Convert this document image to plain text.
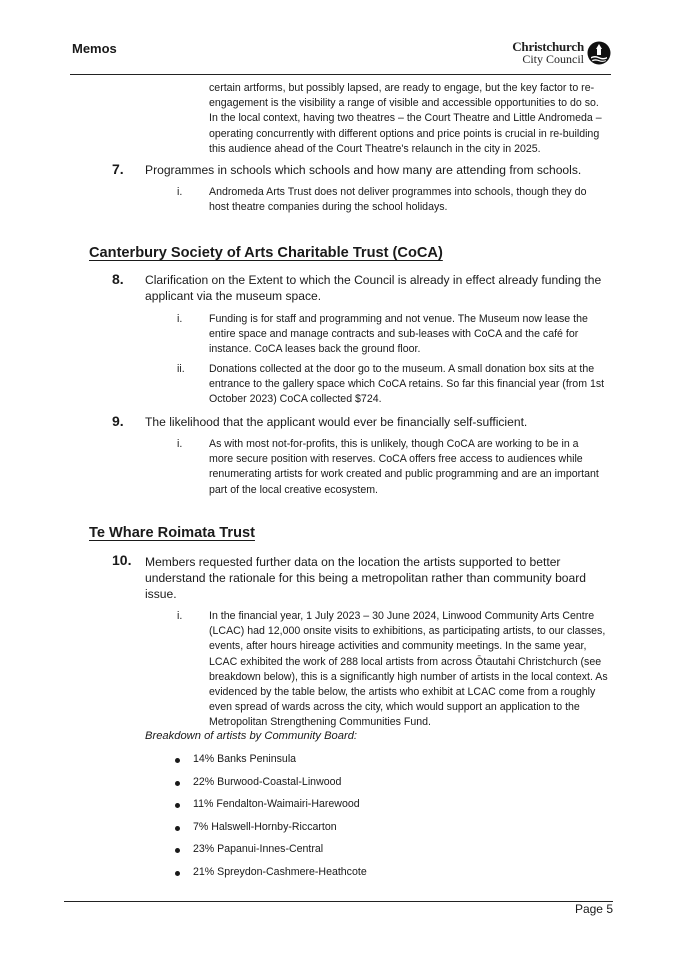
Memos	Christchurch
City Council

certain artforms, but possibly lapsed, are ready to engage, but the key factor to re-engagement is the visibility a range of visible and accessible opportunities to do so. In the local context, having two theatres – the Court Theatre and Little Andromeda – operating concurrently with different options and price points is crucial in re-building this audience ahead of the Court Theatre's relaunch in the city in 2025.

7. Programmes in schools which schools and how many are attending from schools.

i.	Andromeda Arts Trust does not deliver programmes into schools, though they do host theatre companies during the school holidays.

Canterbury Society of Arts Charitable Trust (CoCA)
8. Clarification on the Extent to which the Council is already in effect already funding the applicant via the museum space.

i.	Funding is for staff and programming and not venue. The Museum now lease the entire space and manage contracts and sub-leases with CoCA and the café for instance. CoCA leases back the ground floor.

ii. Donations collected at the door go to the museum. A small donation box sits at the entrance to the gallery space which CoCA retains. So far this financial year (from 1st October 2023) CoCA collected $724.

9. The likelihood that the applicant would ever be financially self-sufficient.

i.	As with most not-for-profits, this is unlikely, though CoCA are working to be in a more secure position with reserves. CoCA offers free access to audiences while renumerating artists for work created and public programming and are an important part of the local creative ecosystem.

Te Whare Roimata Trust
10. Members requested further data on the location the artists supported to better understand the rationale for this being a metropolitan rather than community board issue.

i.	In the financial year, 1 July 2023 – 30 June 2024, Linwood Community Arts Centre (LCAC) had 12,000 onsite visits to exhibitions, as participating artists, to our classes, events, after hours hireage activities and community meetings. In the same year, LCAC exhibited the work of 288 local artists from across Ōtautahi Christchurch (see breakdown below), this is a significantly high number of artists in the local context. As evidenced by the table below, the artists who exhibit at LCAC come from a roughly even spread of wards across the city, which would support an application to the Metropolitan Strengthening Communities Fund.

Breakdown of artists by Community Board:
14% Banks Peninsula
22% Burwood-Coastal-Linwood
11% Fendalton-Waimairi-Harewood
7% Halswell-Hornby-Riccarton
23% Papanui-Innes-Central
21% Spreydon-Cashmere-Heathcote
Page 5
